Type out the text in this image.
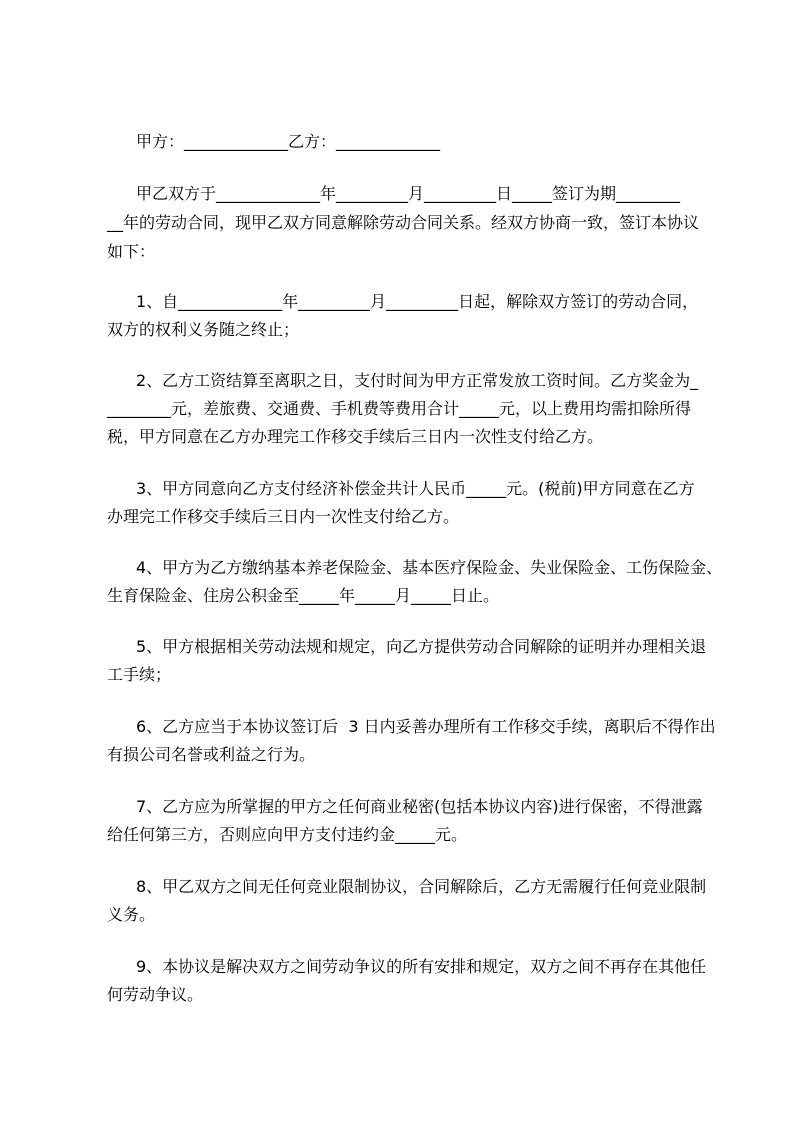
甲方：_____________乙方：_____________
甲乙双方于_____________年_________月_________日_____签订为期________
__年的劳动合同，现甲乙双方同意解除劳动合同关系。经双方协商一致，签订本协议
如下：
1、自_____________年_________月_________日起，解除双方签订的劳动合同，
双方的权利义务随之终止；
2、乙方工资结算至离职之日，支付时间为甲方正常发放工资时间。乙方奖金为_
________元，差旅费、交通费、手机费等费用合计_____元，以上费用均需扣除所得
税，甲方同意在乙方办理完工作移交手续后三日内一次性支付给乙方。
3、甲方同意向乙方支付经济补偿金共计人民币_____元。(税前)甲方同意在乙方
办理完工作移交手续后三日内一次性支付给乙方。
4、甲方为乙方缴纳基本养老保险金、基本医疗保险金、失业保险金、工伤保险金、
生育保险金、住房公积金至_____年_____月_____日止。
5、甲方根据相关劳动法规和规定，向乙方提供劳动合同解除的证明并办理相关退
工手续；
6、乙方应当于本协议签订后  3 日内妥善办理所有工作移交手续，离职后不得作出
有损公司名誉或利益之行为。
7、乙方应为所掌握的甲方之任何商业秘密(包括本协议内容)进行保密，不得泄露
给任何第三方，否则应向甲方支付违约金_____元。
8、甲乙双方之间无任何竞业限制协议，合同解除后，乙方无需履行任何竞业限制
义务。
9、本协议是解决双方之间劳动争议的所有安排和规定，双方之间不再存在其他任
何劳动争议。
